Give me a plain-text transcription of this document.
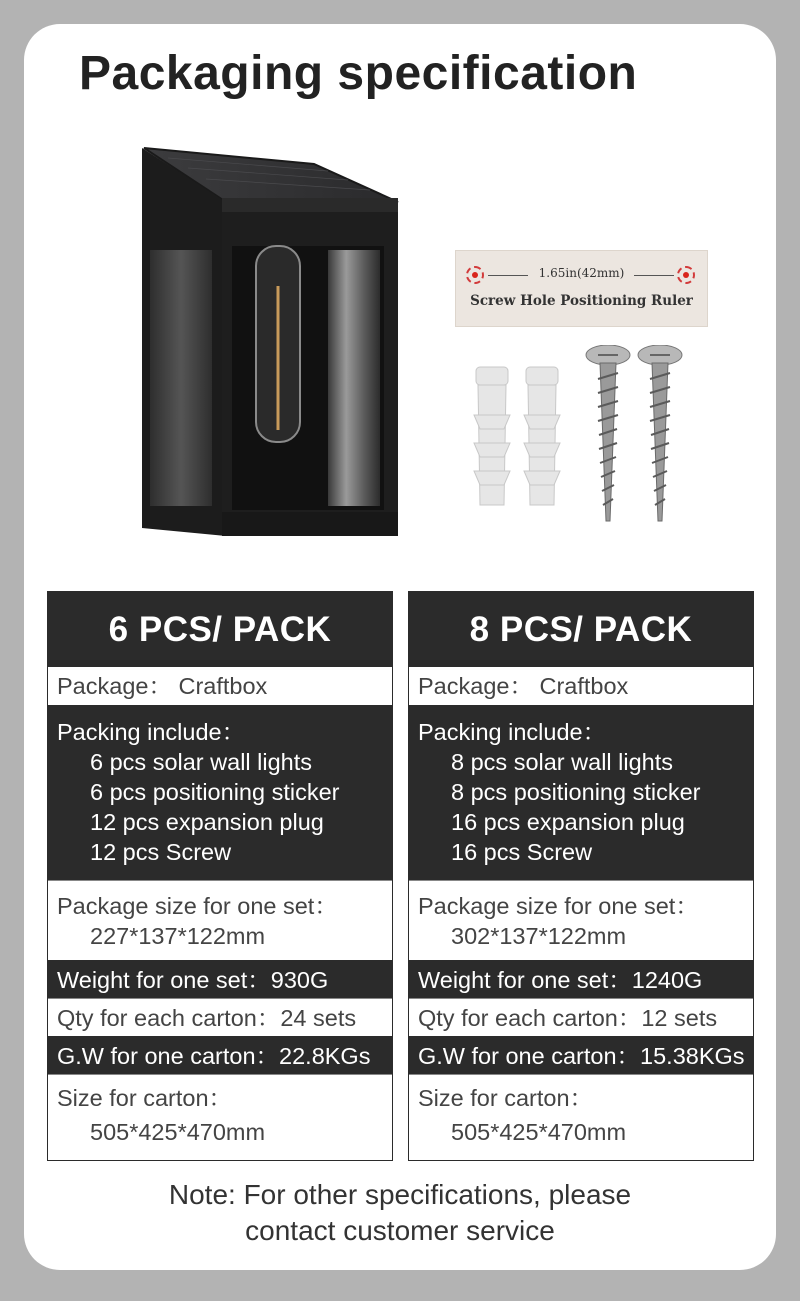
Packaging specification
1.65in(42mm)
Screw Hole Positioning Ruler
6 PCS/ PACK
Package： Craftbox
Packing include：
6 pcs solar wall lights
6 pcs positioning sticker
12 pcs expansion plug
12 pcs Screw
Package size for one set：
227*137*122mm
Weight for one set：930G
Qty for each carton：24 sets
G.W for one carton：22.8KGs
Size for carton：
505*425*470mm
8 PCS/ PACK
Package： Craftbox
Packing include：
8 pcs solar wall lights
8 pcs positioning sticker
16 pcs expansion plug
16 pcs Screw
Package size for one set：
302*137*122mm
Weight for one set：1240G
Qty for each carton：12 sets
G.W for one carton：15.38KGs
Size for carton：
505*425*470mm
Note: For other specifications, please
contact customer service
